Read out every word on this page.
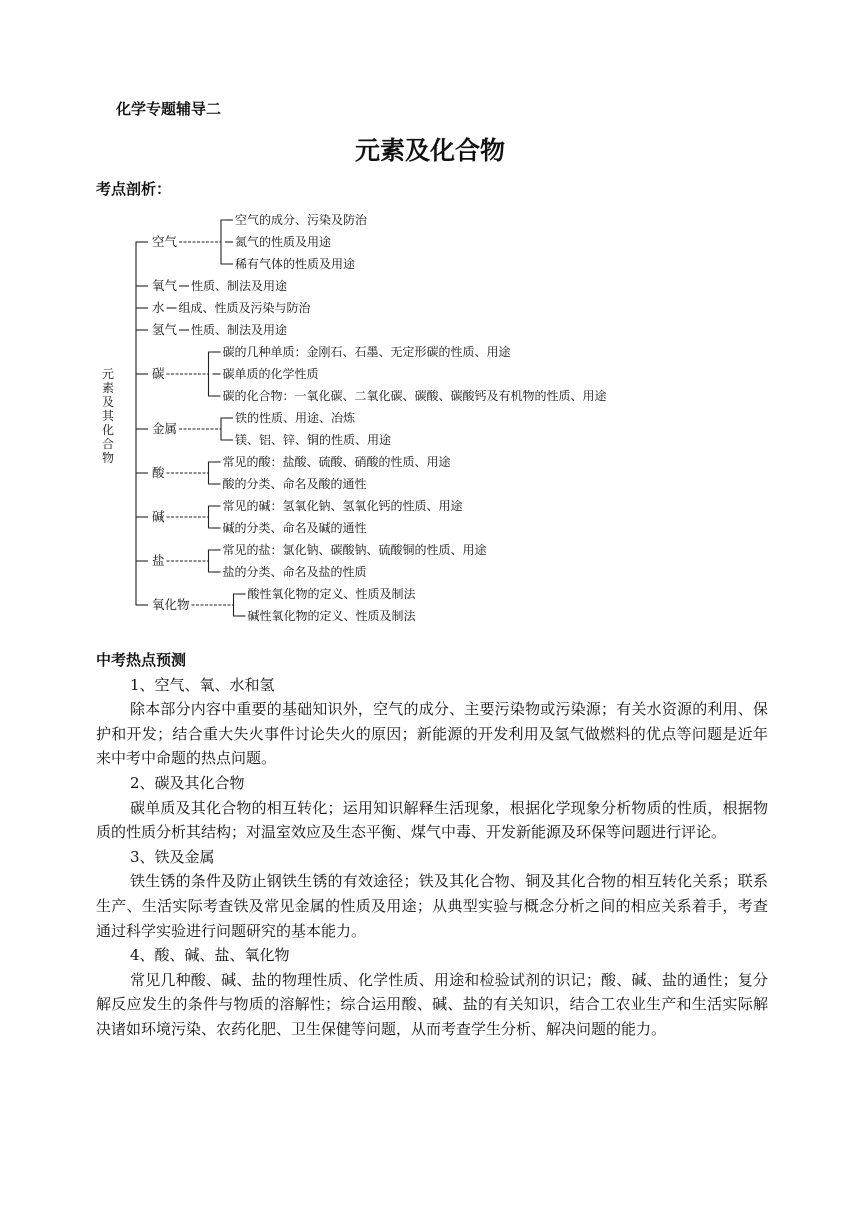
化学专题辅导二
元素及化合物
考点剖析：
元
素
及
其
化
合
物
空气
空气的成分、污染及防治
氮气的性质及用途
稀有气体的性质及用途
氧气 性质、制法及用途
水 组成、性质及污染与防治
氢气 性质、制法及用途
碳
碳的几种单质：金刚石、石墨、无定形碳的性质、用途
碳单质的化学性质
碳的化合物：一氧化碳、二氧化碳、碳酸、碳酸钙及有机物的性质、用途
金属
铁的性质、用途、冶炼
镁、铝、锌、铜的性质、用途
酸
常见的酸：盐酸、硫酸、硝酸的性质、用途
酸的分类、命名及酸的通性
碱
常见的碱：氢氧化钠、氢氧化钙的性质、用途
碱的分类、命名及碱的通性
盐
常见的盐：氯化钠、碳酸钠、硫酸铜的性质、用途
盐的分类、命名及盐的性质
氧化物
酸性氧化物的定义、性质及制法
碱性氧化物的定义、性质及制法
中考热点预测
1、空气、氧、水和氢

除本部分内容中重要的基础知识外，空气的成分、主要污染物或污染源；有关水资源的利用、保护和开发；结合重大失火事件讨论失火的原因；新能源的开发利用及氢气做燃料的优点等问题是近年来中考中命题的热点问题。

2、碳及其化合物

碳单质及其化合物的相互转化；运用知识解释生活现象，根据化学现象分析物质的性质，根据物质的性质分析其结构；对温室效应及生态平衡、煤气中毒、开发新能源及环保等问题进行评论。

3、铁及金属

铁生锈的条件及防止钢铁生锈的有效途径；铁及其化合物、铜及其化合物的相互转化关系；联系生产、生活实际考查铁及常见金属的性质及用途；从典型实验与概念分析之间的相应关系着手，考查通过科学实验进行问题研究的基本能力。

4、酸、碱、盐、氧化物

常见几种酸、碱、盐的物理性质、化学性质、用途和检验试剂的识记；酸、碱、盐的通性；复分解反应发生的条件与物质的溶解性；综合运用酸、碱、盐的有关知识，结合工农业生产和生活实际解决诸如环境污染、农药化肥、卫生保健等问题，从而考查学生分析、解决问题的能力。
